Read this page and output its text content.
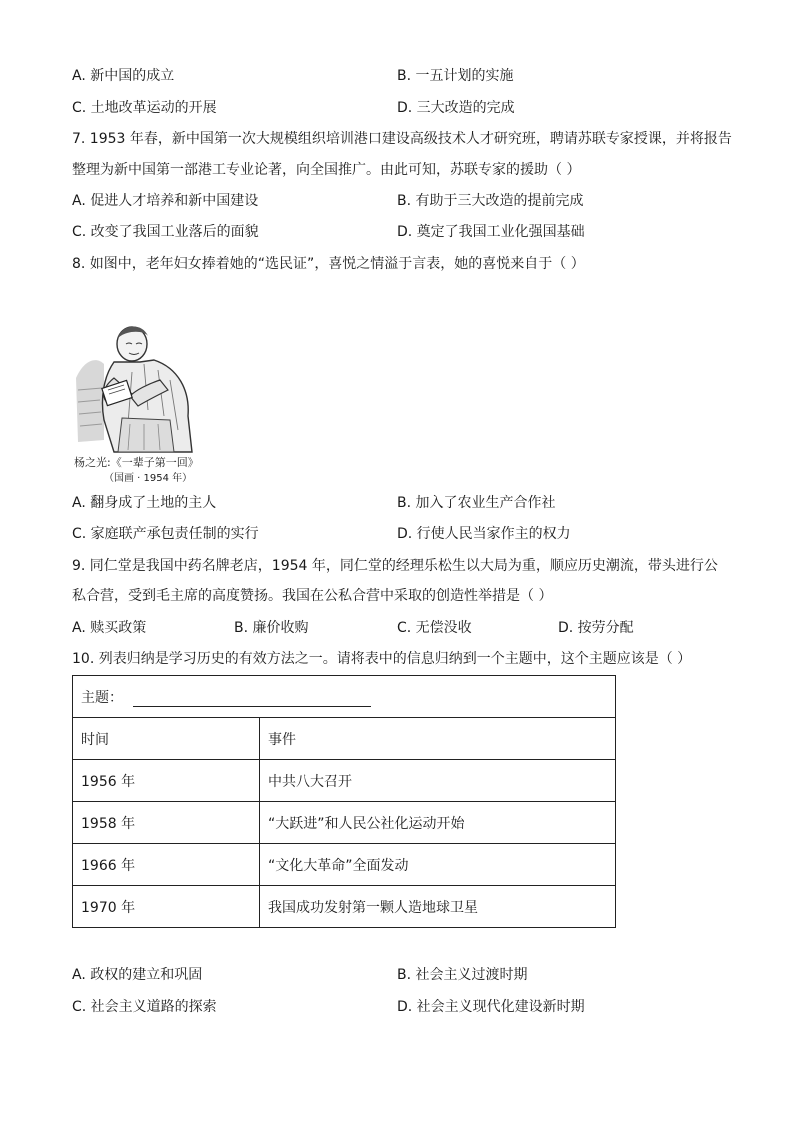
A. 新中国的成立	B. 一五计划的实施
C. 土地改革运动的开展	D. 三大改造的完成
7. 1953 年春，新中国第一次大规模组织培训港口建设高级技术人才研究班，聘请苏联专家授课，并将报告
整理为新中国第一部港工专业论著，向全国推广。由此可知，苏联专家的援助（ ）
A. 促进人才培养和新中国建设	B. 有助于三大改造的提前完成
C. 改变了我国工业落后的面貌	D. 奠定了我国工业化强国基础
8. 如图中，老年妇女捧着她的“选民证”，喜悦之情溢于言表，她的喜悦来自于（ ）
杨之光:《一辈子第一回》
（国画 · 1954 年）
A. 翻身成了土地的主人	B. 加入了农业生产合作社
C. 家庭联产承包责任制的实行	D. 行使人民当家作主的权力
9. 同仁堂是我国中药名牌老店，1954 年，同仁堂的经理乐松生以大局为重，顺应历史潮流，带头进行公
私合营，受到毛主席的高度赞扬。我国在公私合营中采取的创造性举措是（ ）
A. 赎买政策	B. 廉价收购	C. 无偿没收	D. 按劳分配
10. 列表归纳是学习历史的有效方法之一。请将表中的信息归纳到一个主题中，这个主题应该是（ ）
主题：	
时间	事件
1956 年	中共八大召开
1958 年	“大跃进”和人民公社化运动开始
1966 年	“文化大革命”全面发动
1970 年	我国成功发射第一颗人造地球卫星
A. 政权的建立和巩固	B. 社会主义过渡时期
C. 社会主义道路的探索	D. 社会主义现代化建设新时期
